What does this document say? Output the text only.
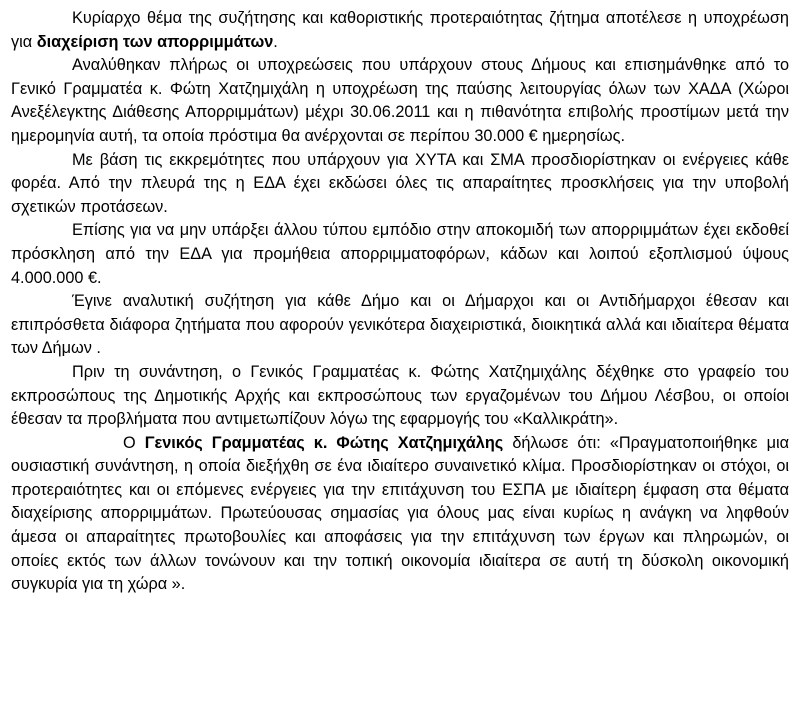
Κυρίαρχο θέμα της συζήτησης και καθοριστικής προτεραιότητας ζήτημα αποτέλεσε η υποχρέωση για διαχείριση των απορριμμάτων.

Αναλύθηκαν πλήρως οι υποχρεώσεις που υπάρχουν στους Δήμους και επισημάνθηκε από το Γενικό Γραμματέα κ. Φώτη Χατζημιχάλη η υποχρέωση της παύσης λειτουργίας όλων των ΧΑΔΑ (Χώροι Ανεξέλεγκτης Διάθεσης Απορριμμάτων) μέχρι 30.06.2011 και η πιθανότητα επιβολής προστίμων μετά την ημερομηνία αυτή, τα οποία πρόστιμα θα ανέρχονται σε περίπου 30.000 € ημερησίως.

Με βάση τις εκκρεμότητες που υπάρχουν για ΧΥΤΑ και ΣΜΑ προσδιορίστηκαν οι ενέργειες κάθε φορέα. Από την πλευρά της η ΕΔΑ έχει εκδώσει όλες τις απαραίτητες προσκλήσεις για την υποβολή σχετικών προτάσεων.

Επίσης για να μην υπάρξει άλλου τύπου εμπόδιο στην αποκομιδή των απορριμμάτων έχει εκδοθεί πρόσκληση από την ΕΔΑ για προμήθεια απορριμματοφόρων, κάδων και λοιπού εξοπλισμού ύψους 4.000.000 €.

Έγινε αναλυτική συζήτηση για κάθε Δήμο και οι Δήμαρχοι και οι Αντιδήμαρχοι έθεσαν και επιπρόσθετα διάφορα ζητήματα που αφορούν γενικότερα διαχειριστικά, διοικητικά αλλά και ιδιαίτερα θέματα των Δήμων .

Πριν τη συνάντηση, ο Γενικός Γραμματέας κ. Φώτης Χατζημιχάλης δέχθηκε στο γραφείο του εκπροσώπους της Δημοτικής Αρχής και εκπροσώπους των εργαζομένων του Δήμου Λέσβου, οι οποίοι έθεσαν τα προβλήματα που αντιμετωπίζουν λόγω της εφαρμογής του «Καλλικράτη».

Ο Γενικός Γραμματέας κ. Φώτης Χατζημιχάλης δήλωσε ότι: «Πραγματοποιήθηκε μια ουσιαστική συνάντηση, η οποία διεξήχθη σε ένα ιδιαίτερο συναινετικό κλίμα. Προσδιορίστηκαν οι στόχοι, οι προτεραιότητες και οι επόμενες ενέργειες για την επιτάχυνση του ΕΣΠΑ με ιδιαίτερη έμφαση στα θέματα διαχείρισης απορριμμάτων. Πρωτεύουσας σημασίας για όλους μας είναι κυρίως η ανάγκη να ληφθούν άμεσα οι απαραίτητες πρωτοβουλίες και αποφάσεις για την επιτάχυνση των έργων και πληρωμών, οι οποίες εκτός των άλλων τονώνουν και την τοπική οικονομία ιδιαίτερα σε αυτή τη δύσκολη οικονομική συγκυρία για τη χώρα ».
